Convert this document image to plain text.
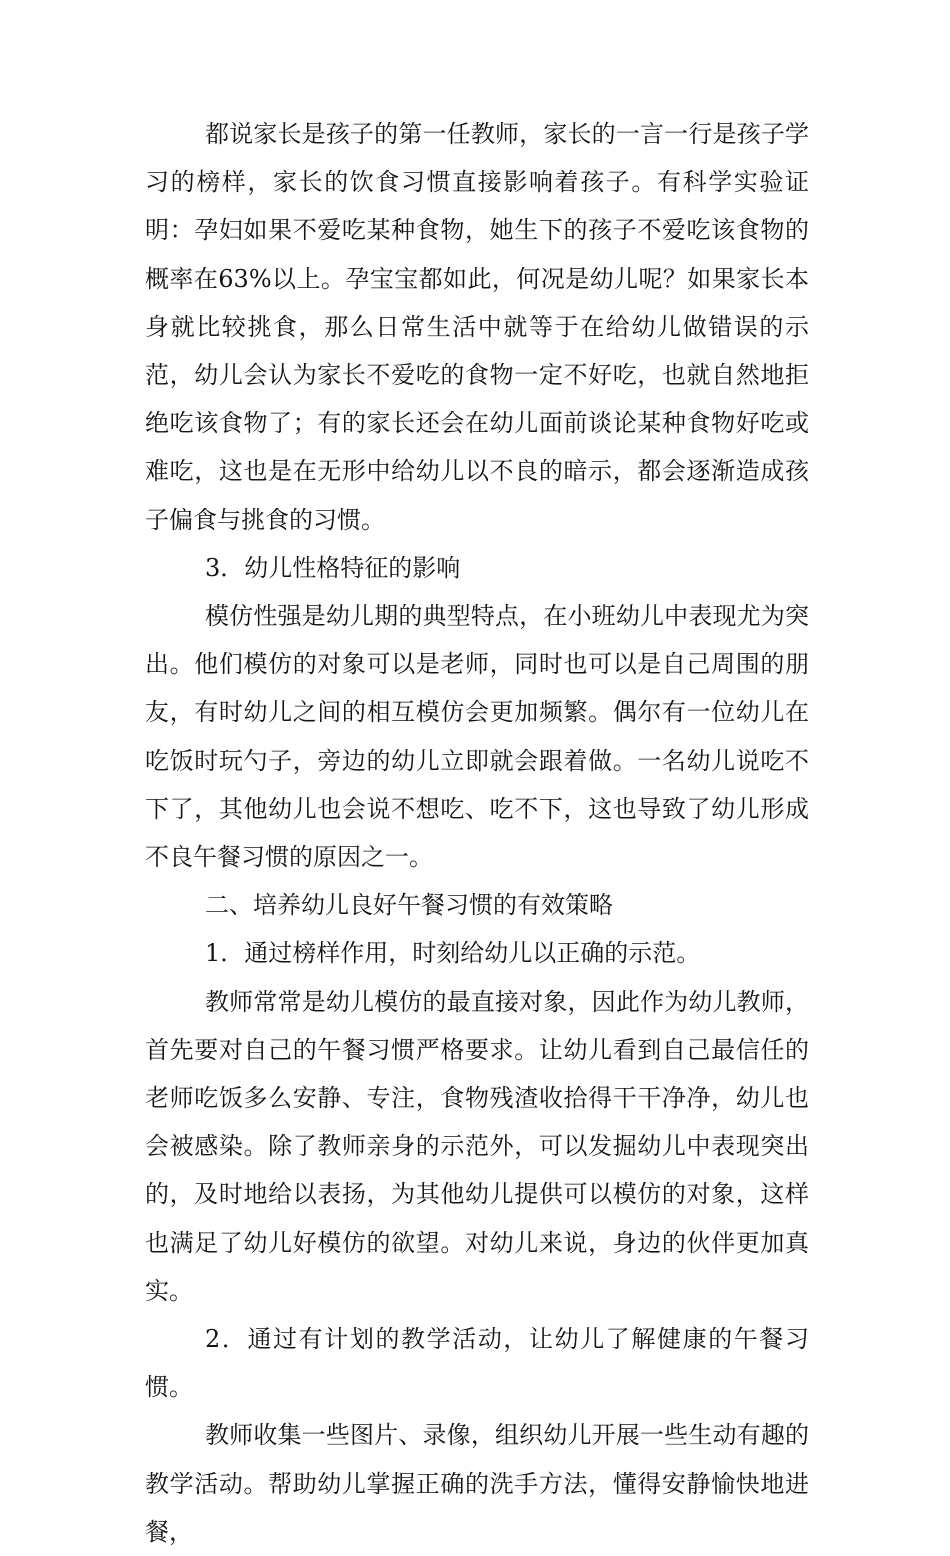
都说家长是孩子的第一任教师，家长的一言一行是孩子学习的榜样，家长的饮食习惯直接影响着孩子。有科学实验证明：孕妇如果不爱吃某种食物，她生下的孩子不爱吃该食物的概率在63%以上。孕宝宝都如此，何况是幼儿呢？如果家长本身就比较挑食，那么日常生活中就等于在给幼儿做错误的示范，幼儿会认为家长不爱吃的食物一定不好吃，也就自然地拒绝吃该食物了；有的家长还会在幼儿面前谈论某种食物好吃或难吃，这也是在无形中给幼儿以不良的暗示，都会逐渐造成孩子偏食与挑食的习惯。

3．幼儿性格特征的影响

模仿性强是幼儿期的典型特点，在小班幼儿中表现尤为突出。他们模仿的对象可以是老师，同时也可以是自己周围的朋友，有时幼儿之间的相互模仿会更加频繁。偶尔有一位幼儿在吃饭时玩勺子，旁边的幼儿立即就会跟着做。一名幼儿说吃不下了，其他幼儿也会说不想吃、吃不下，这也导致了幼儿形成不良午餐习惯的原因之一。

二、培养幼儿良好午餐习惯的有效策略

1．通过榜样作用，时刻给幼儿以正确的示范。

教师常常是幼儿模仿的最直接对象，因此作为幼儿教师，首先要对自己的午餐习惯严格要求。让幼儿看到自己最信任的老师吃饭多么安静、专注，食物残渣收拾得干干净净，幼儿也会被感染。除了教师亲身的示范外，可以发掘幼儿中表现突出的，及时地给以表扬，为其他幼儿提供可以模仿的对象，这样也满足了幼儿好模仿的欲望。对幼儿来说，身边的伙伴更加真实。

2．通过有计划的教学活动，让幼儿了解健康的午餐习惯。

教师收集一些图片、录像，组织幼儿开展一些生动有趣的教学活动。帮助幼儿掌握正确的洗手方法，懂得安静愉快地进餐，
